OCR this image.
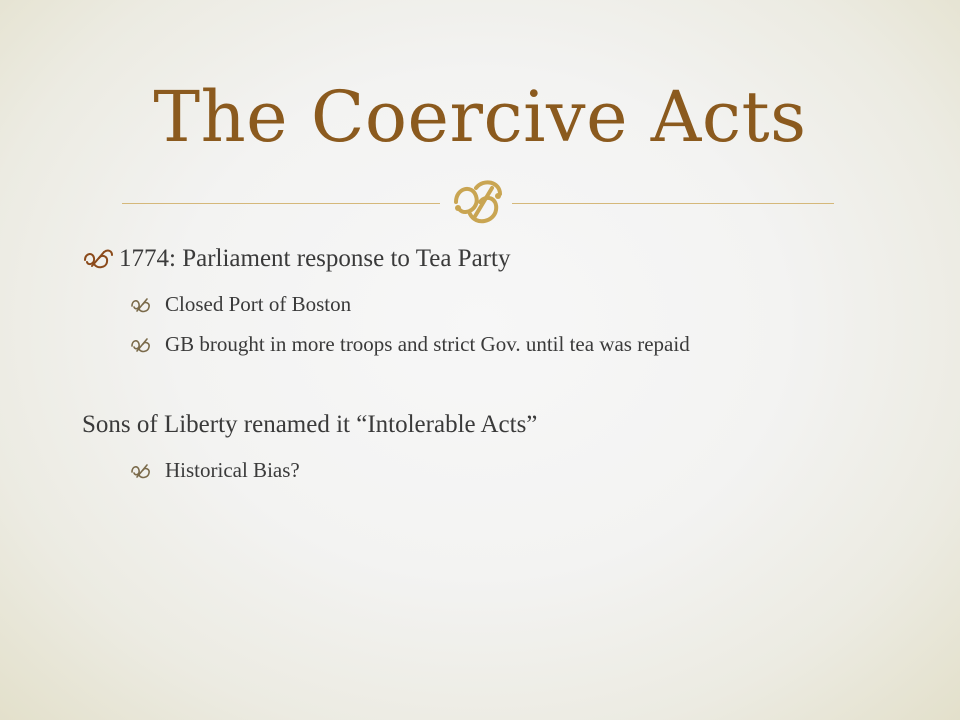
The Coercive Acts
1774: Parliament response to Tea Party
Closed Port of Boston
GB brought in more troops and strict Gov. until tea was repaid
Sons of Liberty renamed it “Intolerable Acts”
Historical Bias?
